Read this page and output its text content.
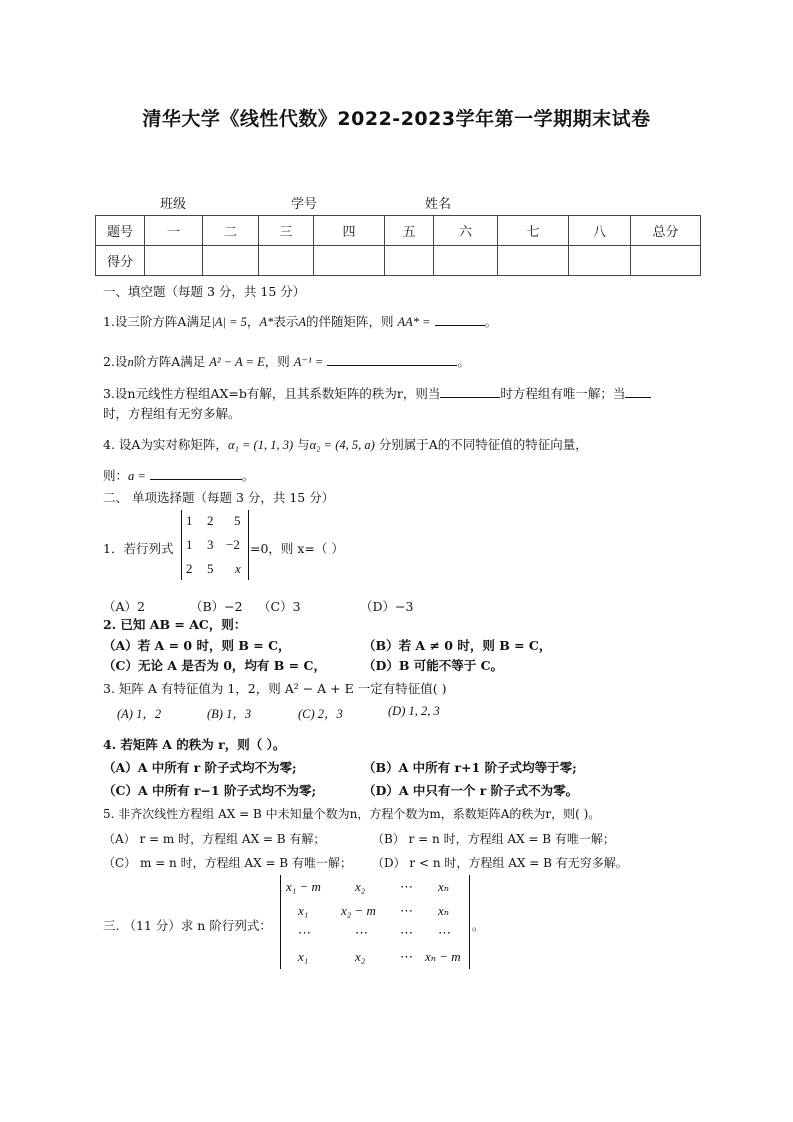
清华大学《线性代数》2022-2023学年第一学期期末试卷
班级	学号	姓名
题号	一	二	三	四	五	六	七	八	总分
得分									
一、填空题（每题 3 分，共 15 分）
1.设三阶方阵A满足|A| = 5，A*表示A的伴随矩阵，则 AA* =	。
2.设n阶方阵A满足 A² − A = E，则 A⁻¹ =	。
3.设n元线性方程组AX=b有解，且其系数矩阵的秩为r，则当	时方程组有唯一解；当
时，方程组有无穷多解。
4. 设A为实对称矩阵，α₁ = (1, 1, 3) 与α₂ = (4, 5, a) 分别属于A的不同特征值的特征向量，
则：a =	。
二、 单项选择题（每题 3 分，共 15 分）
1．若行列式
1 2 5
1 3 −2
2 5 x
=0，则 x=（ ）
（A）2	（B）−2 （C）3	（D）−3
2. 已知 AB = AC，则：
（A）若 A = 0 时，则 B = C，	（B）若 A ≠ 0 时，则 B = C，
（C）无论 A 是否为 0，均有 B = C，	（D）B 可能不等于 C。
3. 矩阵 A 有特征值为 1，2，则 A² − A + E 一定有特征值( )
(A) 1，2	(B) 1，3	(C) 2，3	(D) 1, 2, 3
4. 若矩阵 A 的秩为 r，则（ ）。
（A）A 中所有 r 阶子式均不为零;	（B）A 中所有 r+1 阶子式均等于零;
（C）A 中所有 r−1 阶子式均不为零;	（D）A 中只有一个 r 阶子式不为零。
5. 非齐次线性方程组 AX = B 中未知量个数为n，方程个数为m，系数矩阵A的秩为r，则( )。
（A） r = m 时，方程组 AX = B 有解；	（B） r = n 时，方程组 AX = B 有唯一解；
（C） m = n 时，方程组 AX = B 有唯一解； （D） r < n 时，方程组 AX = B 有无穷多解。
三. （11 分）求 n 阶行列式：
x₁ − m	x₂	⋯ xₙ
x₁	x₂ − m ⋯ xₙ
⋯	⋯ ⋯ ⋯
x₁	x₂	⋯ xₙ − m
。
